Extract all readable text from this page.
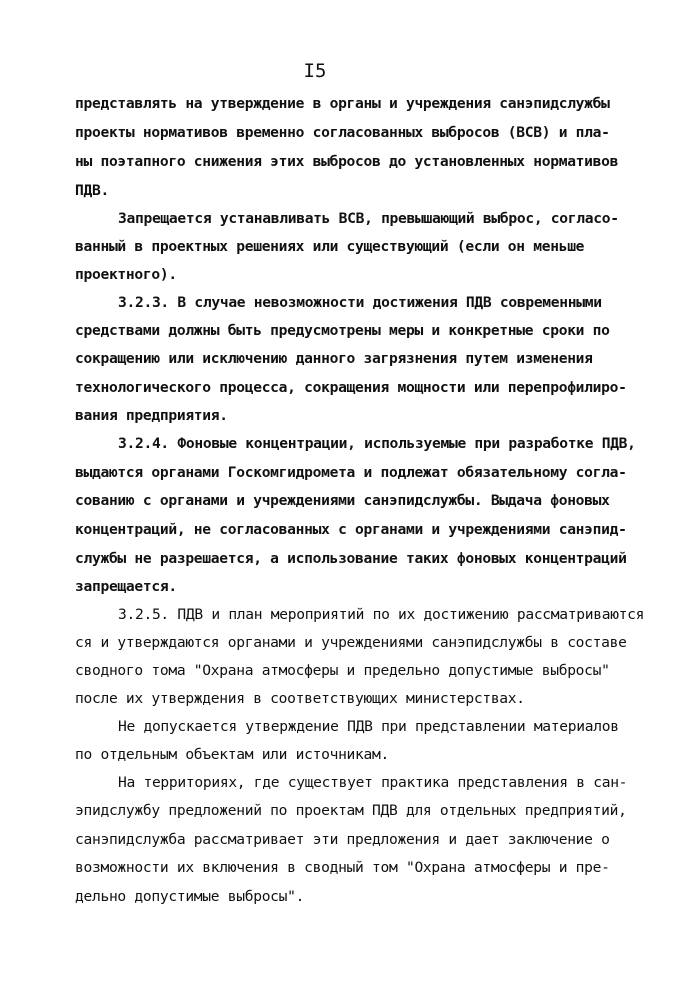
I5
представлять на утверждение в органы и учреждения санэпидслужбы
проекты нормативов временно согласованных выбросов (ВСВ) и пла-
ны поэтапного снижения этих выбросов до установленных нормативов
ПДВ.
Запрещается устанавливать ВСВ, превышающий выброс, согласо-
ванный в проектных решениях или существующий (если он меньше
проектного).
3.2.3. В случае невозможности достижения ПДВ современными
средствами должны быть предусмотрены меры и конкретные сроки по
сокращению или исключению данного загрязнения путем изменения
технологического процесса, сокращения мощности или перепрофилиро-
вания предприятия.
3.2.4. Фоновые концентрации, используемые при разработке ПДВ,
выдаются органами Госкомгидромета и подлежат обязательному согла-
сованию с органами и учреждениями санэпидслужбы. Выдача фоновых
концентраций, не согласованных с органами и учреждениями санэпид-
службы не разрешается, а использование таких фоновых концентраций
запрещается.
3.2.5. ПДВ и план мероприятий по их достижению рассматриваются
ся и утверждаются органами и учреждениями санэпидслужбы в составе
сводного тома "Охрана атмосферы и предельно допустимые выбросы"
после их утверждения в соответствующих министерствах.
Не допускается утверждение ПДВ при представлении материалов
по отдельным объектам или источникам.
На территориях, где существует практика представления в сан-
эпидслужбу предложений по проектам ПДВ для отдельных предприятий,
санэпидслужба рассматривает эти предложения и дает заключение о
возможности их включения в сводный том "Охрана атмосферы и пре-
дельно допустимые выбросы".
